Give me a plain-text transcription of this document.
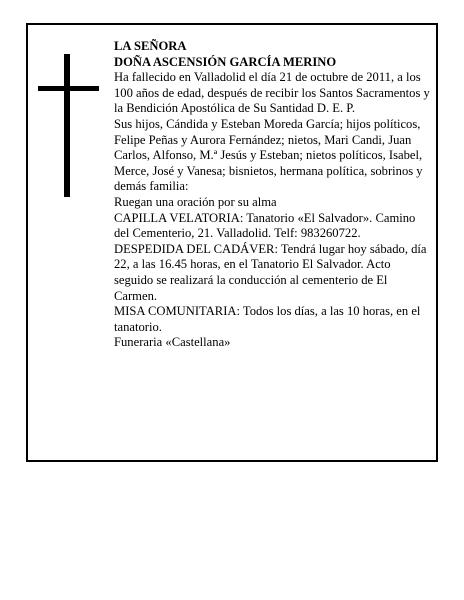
LA SEÑORA

DOÑA ASCENSIÓN GARCÍA MERINO

Ha fallecido en Valladolid el día 21 de octubre de 2011, a los 100 años de edad, después de recibir los Santos Sacramentos y la Bendición Apostólica de Su Santidad D. E. P.

Sus hijos, Cándida y Esteban Moreda García; hijos políticos, Felipe Peñas y Aurora Fernández; nietos, Mari Candi, Juan Carlos, Alfonso, M.ª Jesús y Esteban; nietos políticos, Isabel, Merce, José y Vanesa; bisnietos, hermana política, sobrinos y demás familia:

Ruegan una oración por su alma

CAPILLA VELATORIA: Tanatorio «El Salvador». Camino del Cementerio, 21. Valladolid. Telf: 983260722.

DESPEDIDA DEL CADÁVER: Tendrá lugar hoy sábado, día 22, a las 16.45 horas, en el Tanatorio El Salvador. Acto seguido se realizará la conducción al cementerio de El Carmen.

MISA COMUNITARIA: Todos los días, a las 10 horas, en el tanatorio.

Funeraria «Castellana»
